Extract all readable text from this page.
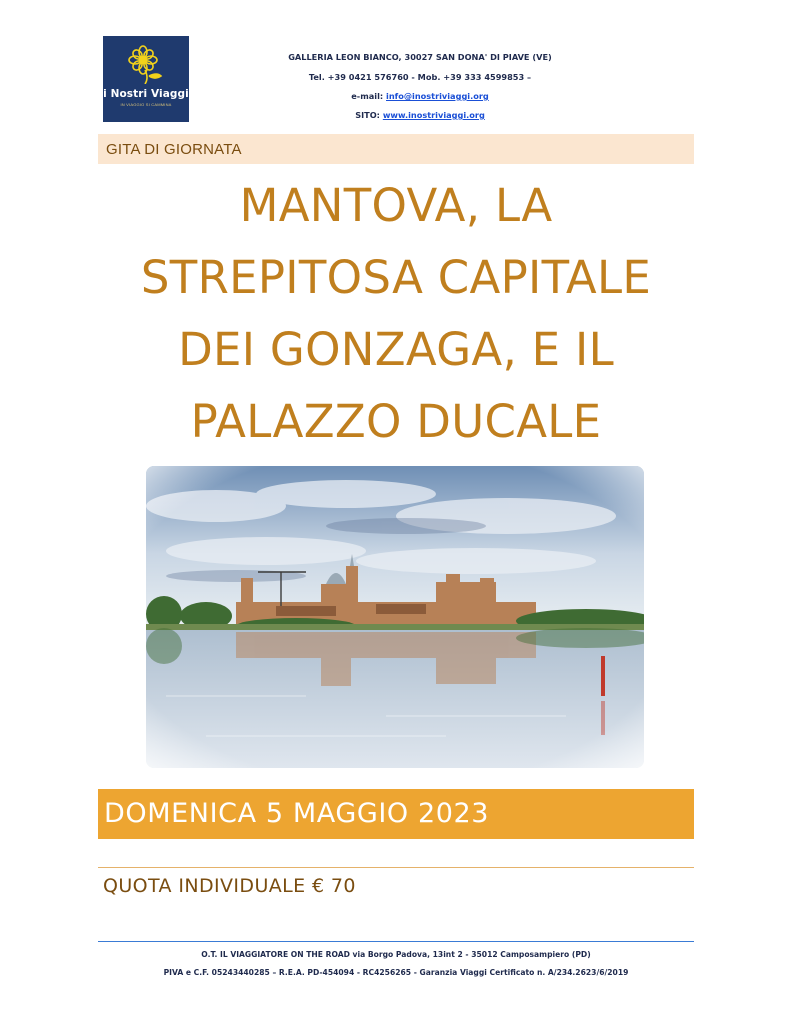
i Nostri Viaggi
IN VIAGGIO SI CAMMINA
GALLERIA LEON BIANCO, 30027 SAN DONA' DI PIAVE (VE)
Tel. +39 0421 576760 - Mob. +39 333 4599853 –
e-mail: info@inostriviaggi.org
SITO: www.inostriviaggi.org
GITA DI GIORNATA
MANTOVA, LA
STREPITOSA CAPITALE
DEI GONZAGA, E IL
PALAZZO DUCALE
DOMENICA 5 MAGGIO 2023
QUOTA INDIVIDUALE € 70
O.T. IL VIAGGIATORE ON THE ROAD via Borgo Padova, 13int 2 - 35012 Camposampiero (PD)
PIVA e C.F. 05243440285 – R.E.A. PD-454094 - RC4256265 - Garanzia Viaggi Certificato n. A/234.2623/6/2019
